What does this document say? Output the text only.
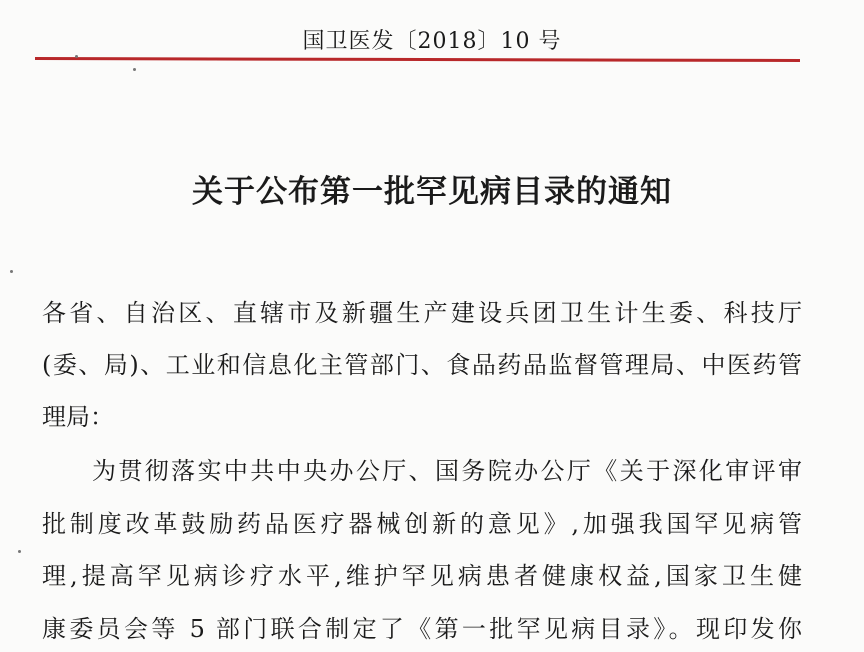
国卫医发〔2018〕10 号
关于公布第一批罕见病目录的通知
各省、自治区、直辖市及新疆生产建设兵团卫生计生委、科技厅
(委、局)、工业和信息化主管部门、食品药品监督管理局、中医药管
理局：
为贯彻落实中共中央办公厅、国务院办公厅《关于深化审评审
批制度改革鼓励药品医疗器械创新的意见》,加强我国罕见病管
理,提高罕见病诊疗水平,维护罕见病患者健康权益,国家卫生健
康委员会等 5 部门联合制定了《第一批罕见病目录》。现印发你
